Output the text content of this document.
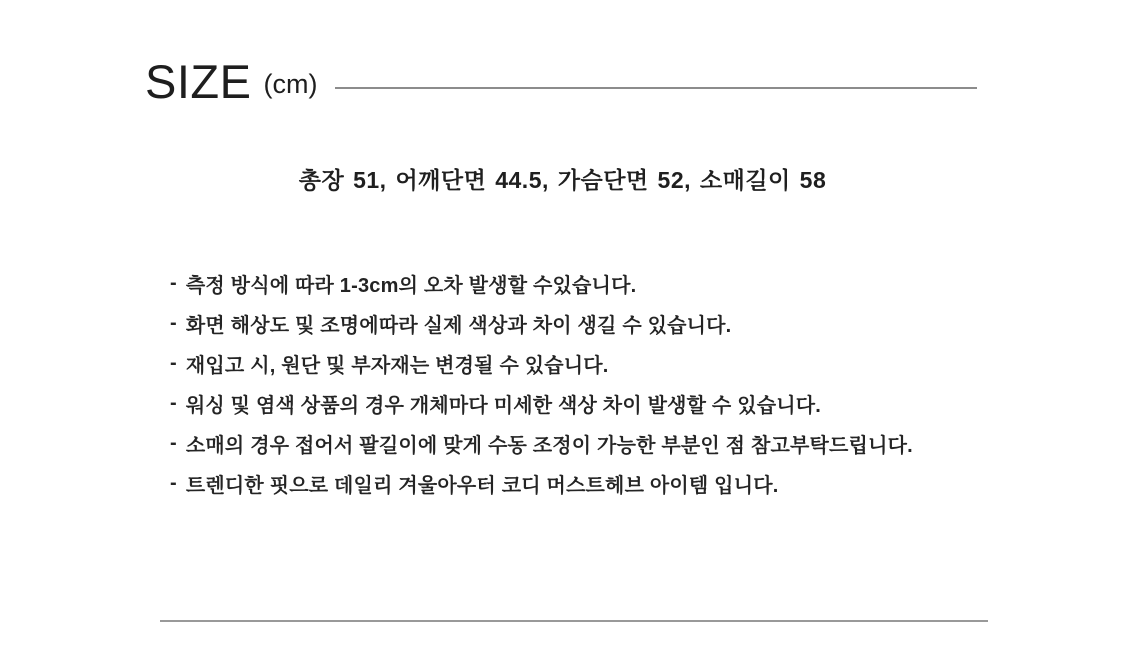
SIZE (cm)
총장 51, 어깨단면 44.5, 가슴단면 52, 소매길이 58
- 측정 방식에 따라 1-3cm의 오차 발생할 수있습니다.
- 화면 해상도 및 조명에따라 실제 색상과 차이 생길 수 있습니다.
- 재입고 시, 원단 및 부자재는 변경될 수 있습니다.
- 워싱 및 염색 상품의 경우 개체마다 미세한 색상 차이 발생할 수 있습니다.
- 소매의 경우 접어서 팔길이에 맞게 수동 조정이 가능한 부분인 점 참고부탁드립니다.
- 트렌디한 핏으로 데일리 겨울아우터 코디 머스트헤브 아이템 입니다.
